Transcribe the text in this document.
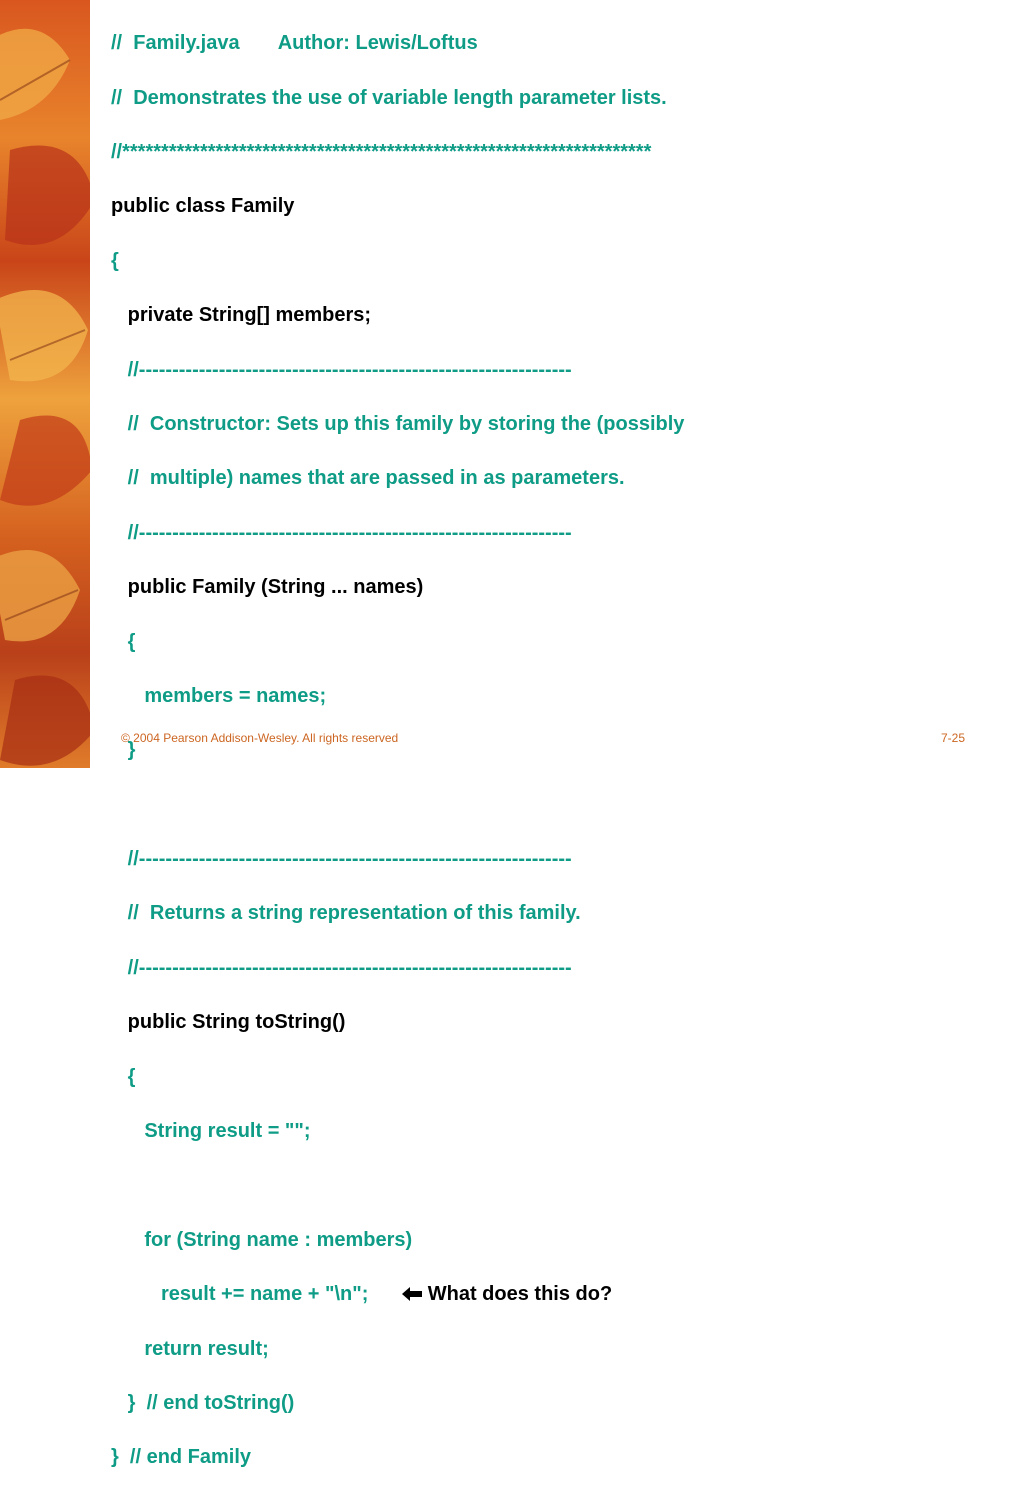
//  Family.java       Author: Lewis/Loftus

//  Demonstrates the use of variable length parameter lists.

//********************************************************************

public class Family

{

private String[] members;

//-----------------------------------------------------------------

//  Constructor: Sets up this family by storing the (possibly

//  multiple) names that are passed in as parameters.

//-----------------------------------------------------------------

public Family (String ... names)

{

members = names;

}

//-----------------------------------------------------------------

//  Returns a string representation of this family.

//-----------------------------------------------------------------

public String toString()

{

String result = "";

for (String name : members)

result += name + "\n";      What does this do?

return result;

}  // end toString()

}  // end Family

© 2004 Pearson Addison-Wesley. All rights reserved	7-25
